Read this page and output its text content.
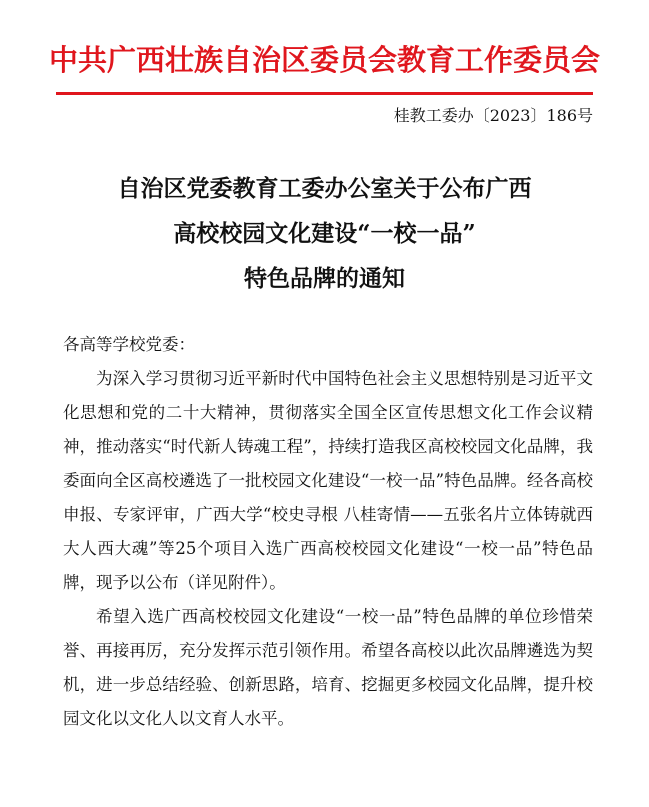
中共广西壮族自治区委员会教育工作委员会
桂教工委办〔2023〕186号
自治区党委教育工委办公室关于公布广西
高校校园文化建设“一校一品”
特色品牌的通知

各高等学校党委：

为深入学习贯彻习近平新时代中国特色社会主义思想特别是习近平文化思想和党的二十大精神，贯彻落实全国全区宣传思想文化工作会议精神，推动落实“时代新人铸魂工程”，持续打造我区高校校园文化品牌，我委面向全区高校遴选了一批校园文化建设“一校一品”特色品牌。经各高校申报、专家评审，广西大学“校史寻根 八桂寄情——五张名片立体铸就西大人西大魂”等25个项目入选广西高校校园文化建设“一校一品”特色品牌，现予以公布（详见附件）。

希望入选广西高校校园文化建设“一校一品”特色品牌的单位珍惜荣誉、再接再厉，充分发挥示范引领作用。希望各高校以此次品牌遴选为契机，进一步总结经验、创新思路，培育、挖掘更多校园文化品牌，提升校园文化以文化人以文育人水平。
